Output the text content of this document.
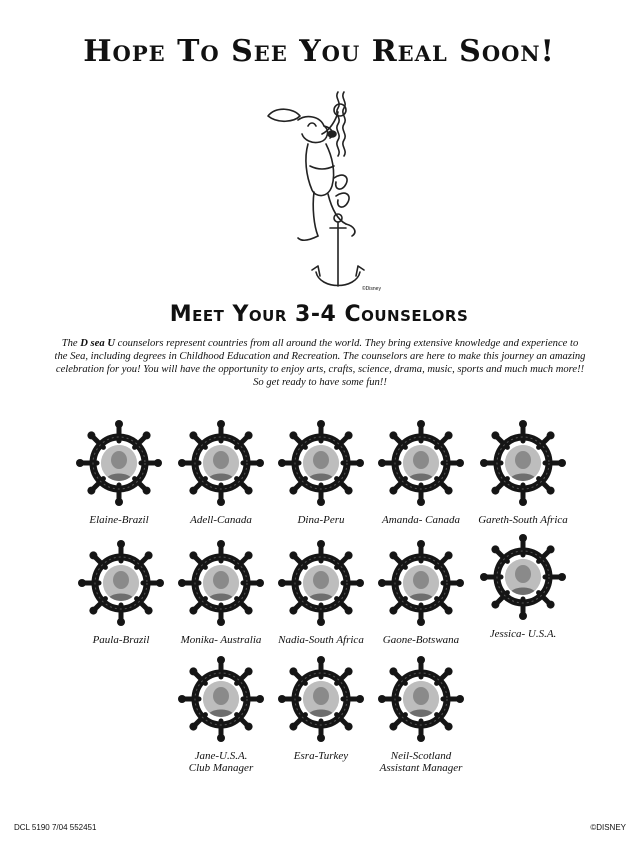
Hope To See You Real Soon!
©Disney
Meet Your 3-4 Counselors
The D sea U counselors represent countries from all around the world. They bring extensive knowledge and experience to the Sea, including degrees in Childhood Education and Recreation. The counselors are here to make this journey an amazing celebration for you! You will have the opportunity to enjoy arts, crafts, science, drama, music, sports and much much more!! So get ready to have some fun!!
Elaine-Brazil	Adell-Canada	Dina-Peru	Amanda- Canada	Gareth-South Africa
Paula-Brazil	Monika- Australia	Nadia-South Africa	Gaone-Botswana	Jessica- U.S.A.
Jane-U.S.A.
Club Manager
Esra-Turkey	Neil-Scotland
Assistant Manager
DCL 5190 7/04 552451	©DISNEY
